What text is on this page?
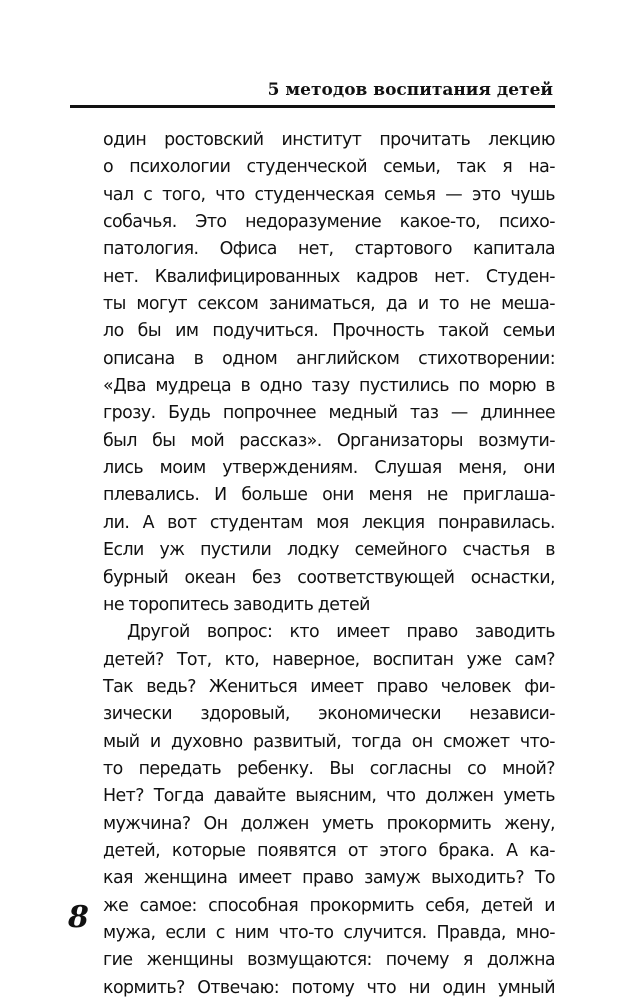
5 методов воспитания детей
один ростовский институт прочитать лекцию
о психологии студенческой семьи, так я на-
чал с того, что студенческая семья — это чушь
собачья. Это недоразумение какое-то, психо-
патология. Офиса нет, стартового капитала
нет. Квалифицированных кадров нет. Студен-
ты могут сексом заниматься, да и то не меша-
ло бы им подучиться. Прочность такой семьи
описана в одном английском стихотворении:
«Два мудреца в одно тазу пустились по морю в
грозу. Будь попрочнее медный таз — длиннее
был бы мой рассказ». Организаторы возмути-
лись моим утверждениям. Слушая меня, они
плевались. И больше они меня не приглаша-
ли. А вот студентам моя лекция понравилась.
Если уж пустили лодку семейного счастья в
бурный океан без соответствующей оснастки,
не торопитесь заводить детей
Другой вопрос: кто имеет право заводить
детей? Тот, кто, наверное, воспитан уже сам?
Так ведь? Жениться имеет право человек фи-
зически здоровый, экономически независи-
мый и духовно развитый, тогда он сможет что-
то передать ребенку. Вы согласны со мной?
Нет? Тогда давайте выясним, что должен уметь
мужчина? Он должен уметь прокормить жену,
детей, которые появятся от этого брака. А ка-
кая женщина имеет право замуж выходить? То
же самое: способная прокормить себя, детей и
мужа, если с ним что-то случится. Правда, мно-
гие женщины возмущаются: почему я должна
кормить? Отвечаю: потому что ни один умный
8
